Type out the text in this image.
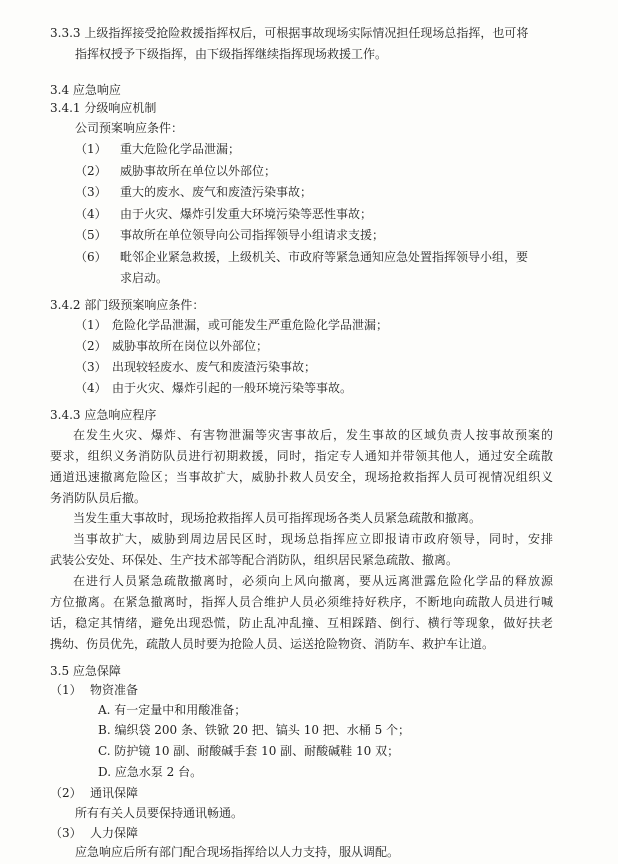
3.3.3 上级指挥接受抢险救援指挥权后，可根据事故现场实际情况担任现场总指挥，也可将
指挥权授予下级指挥，由下级指挥继续指挥现场救援工作。
3.4 应急响应
3.4.1 分级响应机制
公司预案响应条件：
（1） 重大危险化学品泄漏；
（2） 威胁事故所在单位以外部位；
（3） 重大的废水、废气和废渣污染事故；
（4） 由于火灾、爆炸引发重大环境污染等恶性事故；
（5） 事故所在单位领导向公司指挥领导小组请求支援；
（6） 毗邻企业紧急救援，上级机关、市政府等紧急通知应急处置指挥领导小组，要
求启动。
3.4.2 部门级预案响应条件：
（1） 危险化学品泄漏，或可能发生严重危险化学品泄漏；
（2） 威胁事故所在岗位以外部位；
（3） 出现较轻废水、废气和废渣污染事故；
（4） 由于火灾、爆炸引起的一般环境污染等事故。
3.4.3 应急响应程序
在发生火灾、爆炸、有害物泄漏等灾害事故后，发生事故的区域负责人按事故预案的
要求，组织义务消防队员进行初期救援，同时，指定专人通知并带领其他人，通过安全疏散
通道迅速撤离危险区；当事故扩大，威胁扑救人员安全，现场抢救指挥人员可视情况组织义
务消防队员后撤。
当发生重大事故时，现场抢救指挥人员可指挥现场各类人员紧急疏散和撤离。
当事故扩大，威胁到周边居民区时，现场总指挥应立即报请市政府领导，同时，安排
武装公安处、环保处、生产技术部等配合消防队，组织居民紧急疏散、撤离。
在进行人员紧急疏散撤离时，必须向上风向撤离，要从远离泄露危险化学品的释放源
方位撤离。在紧急撤离时，指挥人员合维护人员必须维持好秩序，不断地向疏散人员进行喊
话，稳定其情绪，避免出现恐慌，防止乱冲乱撞、互相踩踏、倒行、横行等现象，做好扶老
携幼、伤员优先，疏散人员时要为抢险人员、运送抢险物资、消防车、救护车让道。
3.5 应急保障
（1） 物资准备
A. 有一定量中和用酸准备；
B. 编织袋 200 条、铁锨 20 把、镐头 10 把、水桶 5 个；
C. 防护镜 10 副、耐酸碱手套 10 副、耐酸碱鞋 10 双；
D. 应急水泵 2 台。
（2） 通讯保障
所有有关人员要保持通讯畅通。
（3） 人力保障
应急响应后所有部门配合现场指挥给以人力支持，服从调配。
